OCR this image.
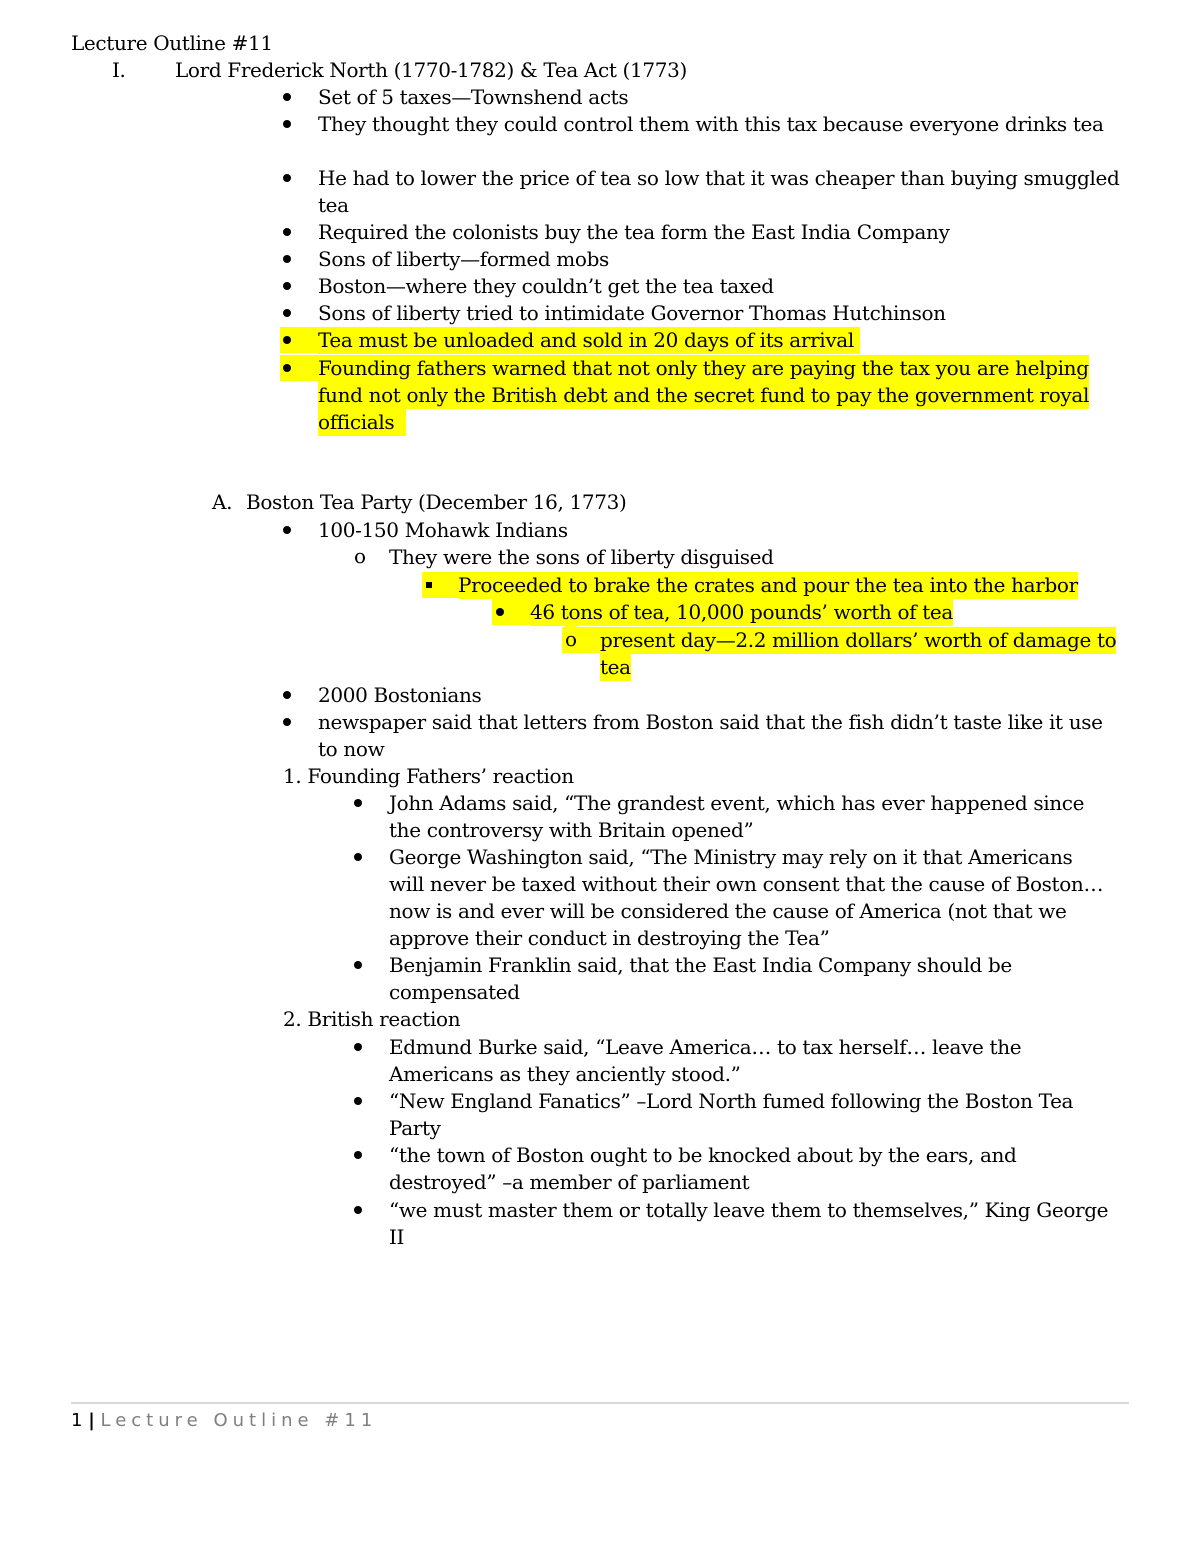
Lecture Outline #11
I. Lord Frederick North (1770-1782) & Tea Act (1773)
Set of 5 taxes—Townshend acts
They thought they could control them with this tax because everyone drinks tea
He had to lower the price of tea so low that it was cheaper than buying smuggled
tea
Required the colonists buy the tea form the East India Company
Sons of liberty—formed mobs
Boston—where they couldn’t get the tea taxed
Sons of liberty tried to intimidate Governor Thomas Hutchinson
Tea must be unloaded and sold in 20 days of its arrival
Founding fathers warned that not only they are paying the tax you are helping
fund not only the British debt and the secret fund to pay the government royal
officials
A. Boston Tea Party (December 16, 1773)
100-150 Mohawk Indians
o They were the sons of liberty disguised
Proceeded to brake the crates and pour the tea into the harbor
46 tons of tea, 10,000 pounds’ worth of tea
o present day—2.2 million dollars’ worth of damage to
tea
2000 Bostonians
newspaper said that letters from Boston said that the fish didn’t taste like it use
to now
1. Founding Fathers’ reaction
John Adams said, “The grandest event, which has ever happened since
the controversy with Britain opened”
George Washington said, “The Ministry may rely on it that Americans
will never be taxed without their own consent that the cause of Boston…
now is and ever will be considered the cause of America (not that we
approve their conduct in destroying the Tea”
Benjamin Franklin said, that the East India Company should be
compensated
2. British reaction
Edmund Burke said, “Leave America… to tax herself… leave the
Americans as they anciently stood.”
“New England Fanatics” –Lord North fumed following the Boston Tea
Party
“the town of Boston ought to be knocked about by the ears, and
destroyed” –a member of parliament
“we must master them or totally leave them to themselves,” King George
II
1 | Lecture Outline #11
